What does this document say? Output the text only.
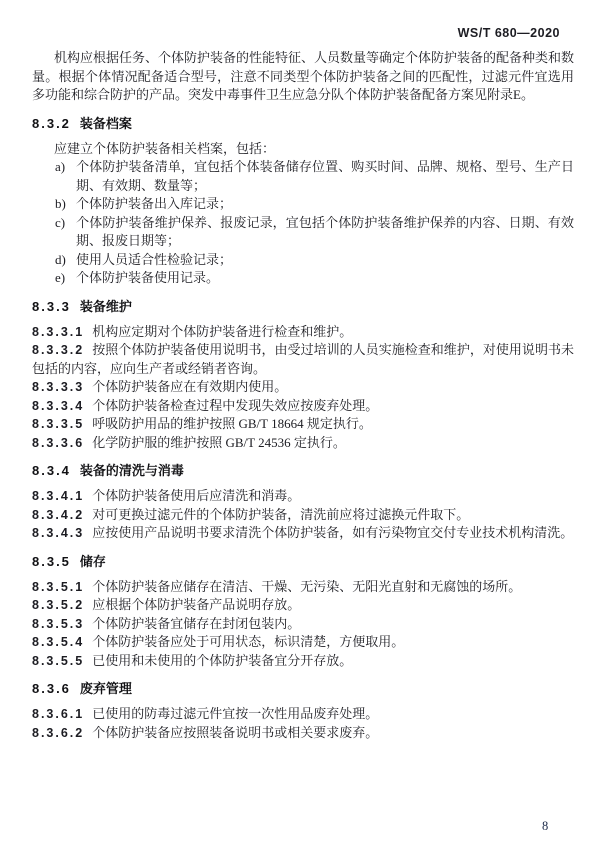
WS/T 680—2020

机构应根据任务、个体防护装备的性能特征、人员数量等确定个体防护装备的配备种类和数量。根据个体情况配备适合型号，注意不同类型个体防护装备之间的匹配性，过滤元件宜选用多功能和综合防护的产品。突发中毒事件卫生应急分队个体防护装备配备方案见附录E。

8.3.2 装备档案

应建立个体防护装备相关档案，包括：

a) 个体防护装备清单，宜包括个体装备储存位置、购买时间、品牌、规格、型号、生产日期、有效期、数量等；
b) 个体防护装备出入库记录；
c) 个体防护装备维护保养、报废记录，宜包括个体防护装备维护保养的内容、日期、有效期、报废日期等；
d) 使用人员适合性检验记录；
e) 个体防护装备使用记录。
8.3.3 装备维护

8.3.3.1 机构应定期对个体防护装备进行检查和维护。

8.3.3.2 按照个体防护装备使用说明书，由受过培训的人员实施检查和维护，对使用说明书未包括的内容，应向生产者或经销者咨询。

8.3.3.3 个体防护装备应在有效期内使用。

8.3.3.4 个体防护装备检查过程中发现失效应按废弃处理。

8.3.3.5 呼吸防护用品的维护按照 GB/T 18664 规定执行。

8.3.3.6 化学防护服的维护按照 GB/T 24536 定执行。

8.3.4 装备的清洗与消毒

8.3.4.1 个体防护装备使用后应清洗和消毒。

8.3.4.2 对可更换过滤元件的个体防护装备，清洗前应将过滤换元件取下。

8.3.4.3 应按使用产品说明书要求清洗个体防护装备，如有污染物宜交付专业技术机构清洗。

8.3.5 储存

8.3.5.1 个体防护装备应储存在清洁、干燥、无污染、无阳光直射和无腐蚀的场所。

8.3.5.2 应根据个体防护装备产品说明存放。

8.3.5.3 个体防护装备宜储存在封闭包装内。

8.3.5.4 个体防护装备应处于可用状态，标识清楚，方便取用。

8.3.5.5 已使用和未使用的个体防护装备宜分开存放。

8.3.6 废弃管理

8.3.6.1 已使用的防毒过滤元件宜按一次性用品废弃处理。

8.3.6.2 个体防护装备应按照装备说明书或相关要求废弃。

8
